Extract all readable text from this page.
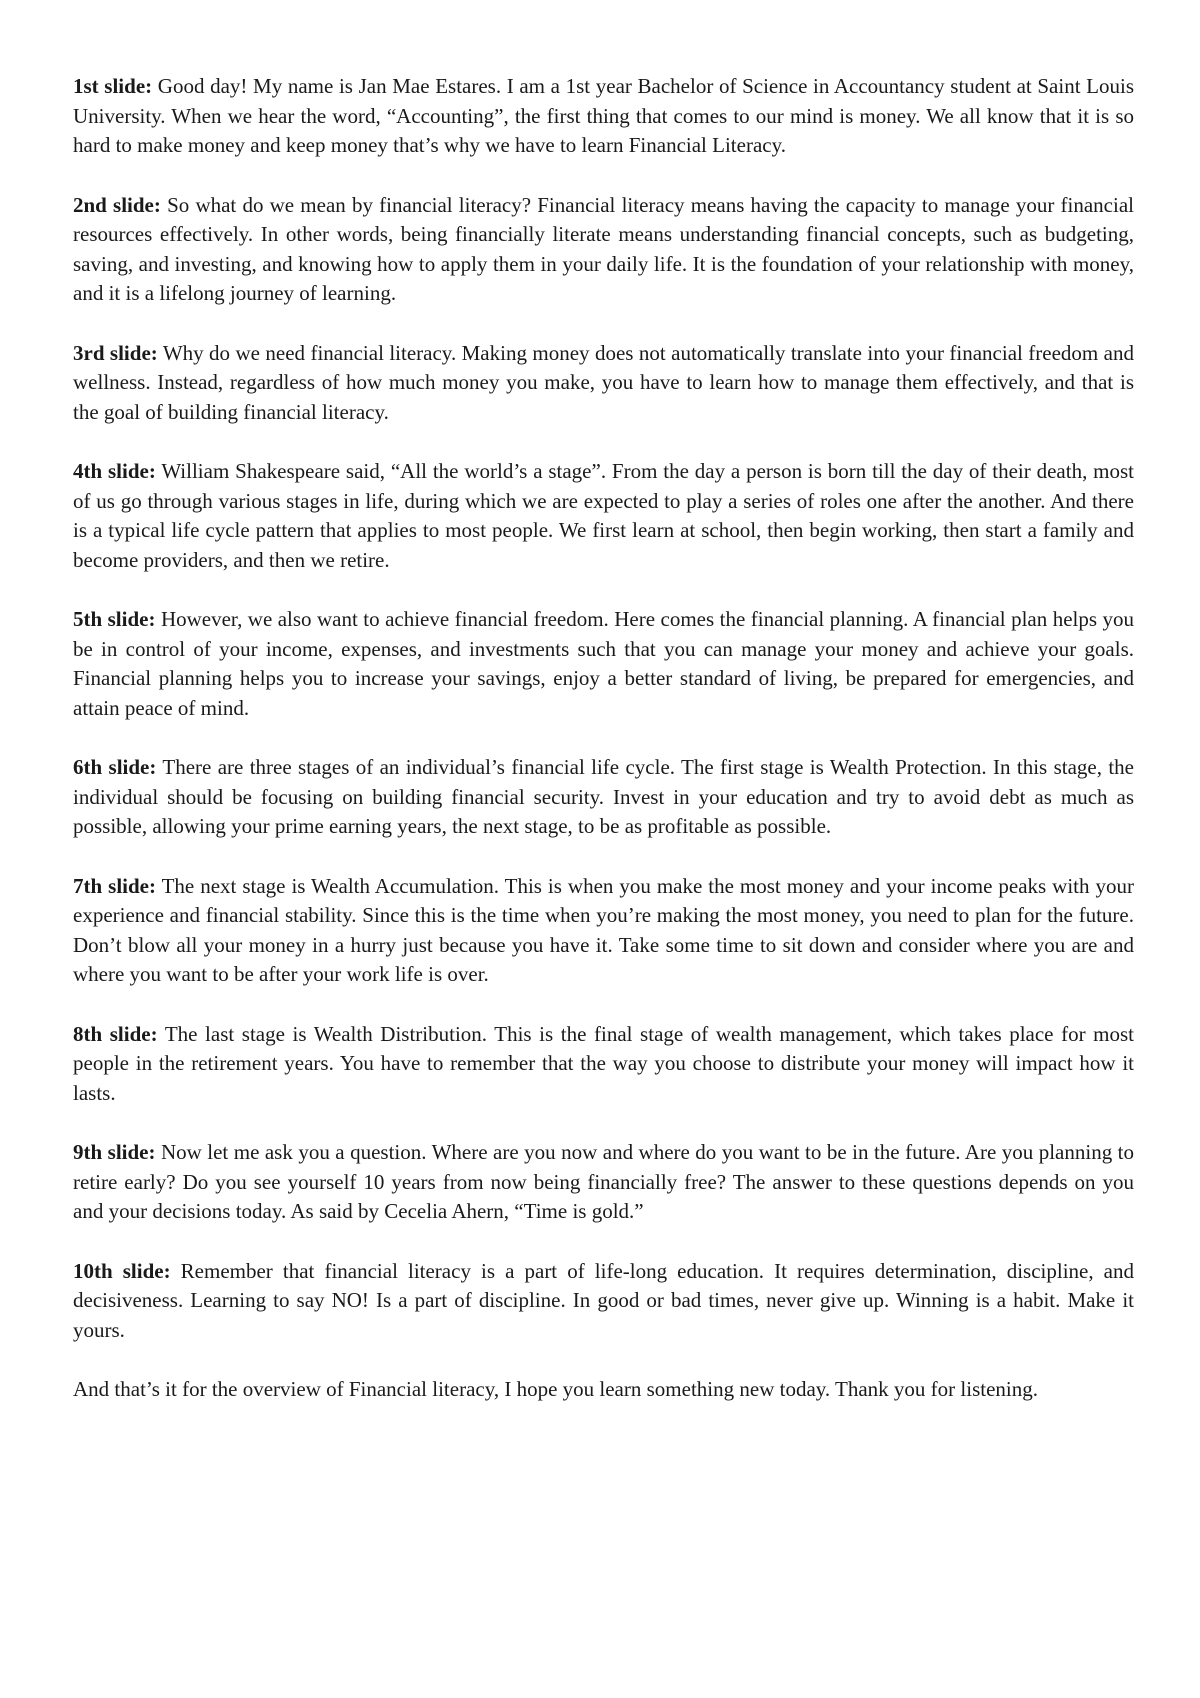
1st slide: Good day! My name is Jan Mae Estares. I am a 1st year Bachelor of Science in Accountancy student at Saint Louis University. When we hear the word, “Accounting”, the first thing that comes to our mind is money. We all know that it is so hard to make money and keep money that’s why we have to learn Financial Literacy.

2nd slide: So what do we mean by financial literacy? Financial literacy means having the capacity to manage your financial resources effectively. In other words, being financially literate means understanding financial concepts, such as budgeting, saving, and investing, and knowing how to apply them in your daily life. It is the foundation of your relationship with money, and it is a lifelong journey of learning.

3rd slide: Why do we need financial literacy. Making money does not automatically translate into your financial freedom and wellness. Instead, regardless of how much money you make, you have to learn how to manage them effectively, and that is the goal of building financial literacy.

4th slide: William Shakespeare said, “All the world’s a stage”. From the day a person is born till the day of their death, most of us go through various stages in life, during which we are expected to play a series of roles one after the another. And there is a typical life cycle pattern that applies to most people. We first learn at school, then begin working, then start a family and become providers, and then we retire.

5th slide: However, we also want to achieve financial freedom. Here comes the financial planning. A financial plan helps you be in control of your income, expenses, and investments such that you can manage your money and achieve your goals. Financial planning helps you to increase your savings, enjoy a better standard of living, be prepared for emergencies, and attain peace of mind.

6th slide: There are three stages of an individual’s financial life cycle. The first stage is Wealth Protection. In this stage, the individual should be focusing on building financial security. Invest in your education and try to avoid debt as much as possible, allowing your prime earning years, the next stage, to be as profitable as possible.

7th slide: The next stage is Wealth Accumulation. This is when you make the most money and your income peaks with your experience and financial stability. Since this is the time when you’re making the most money, you need to plan for the future. Don’t blow all your money in a hurry just because you have it. Take some time to sit down and consider where you are and where you want to be after your work life is over.

8th slide: The last stage is Wealth Distribution. This is the final stage of wealth management, which takes place for most people in the retirement years. You have to remember that the way you choose to distribute your money will impact how it lasts.

9th slide: Now let me ask you a question. Where are you now and where do you want to be in the future. Are you planning to retire early? Do you see yourself 10 years from now being financially free? The answer to these questions depends on you and your decisions today. As said by Cecelia Ahern, “Time is gold.”

10th slide: Remember that financial literacy is a part of life-long education. It requires determination, discipline, and decisiveness. Learning to say NO! Is a part of discipline. In good or bad times, never give up. Winning is a habit. Make it yours.

And that’s it for the overview of Financial literacy, I hope you learn something new today. Thank you for listening.
